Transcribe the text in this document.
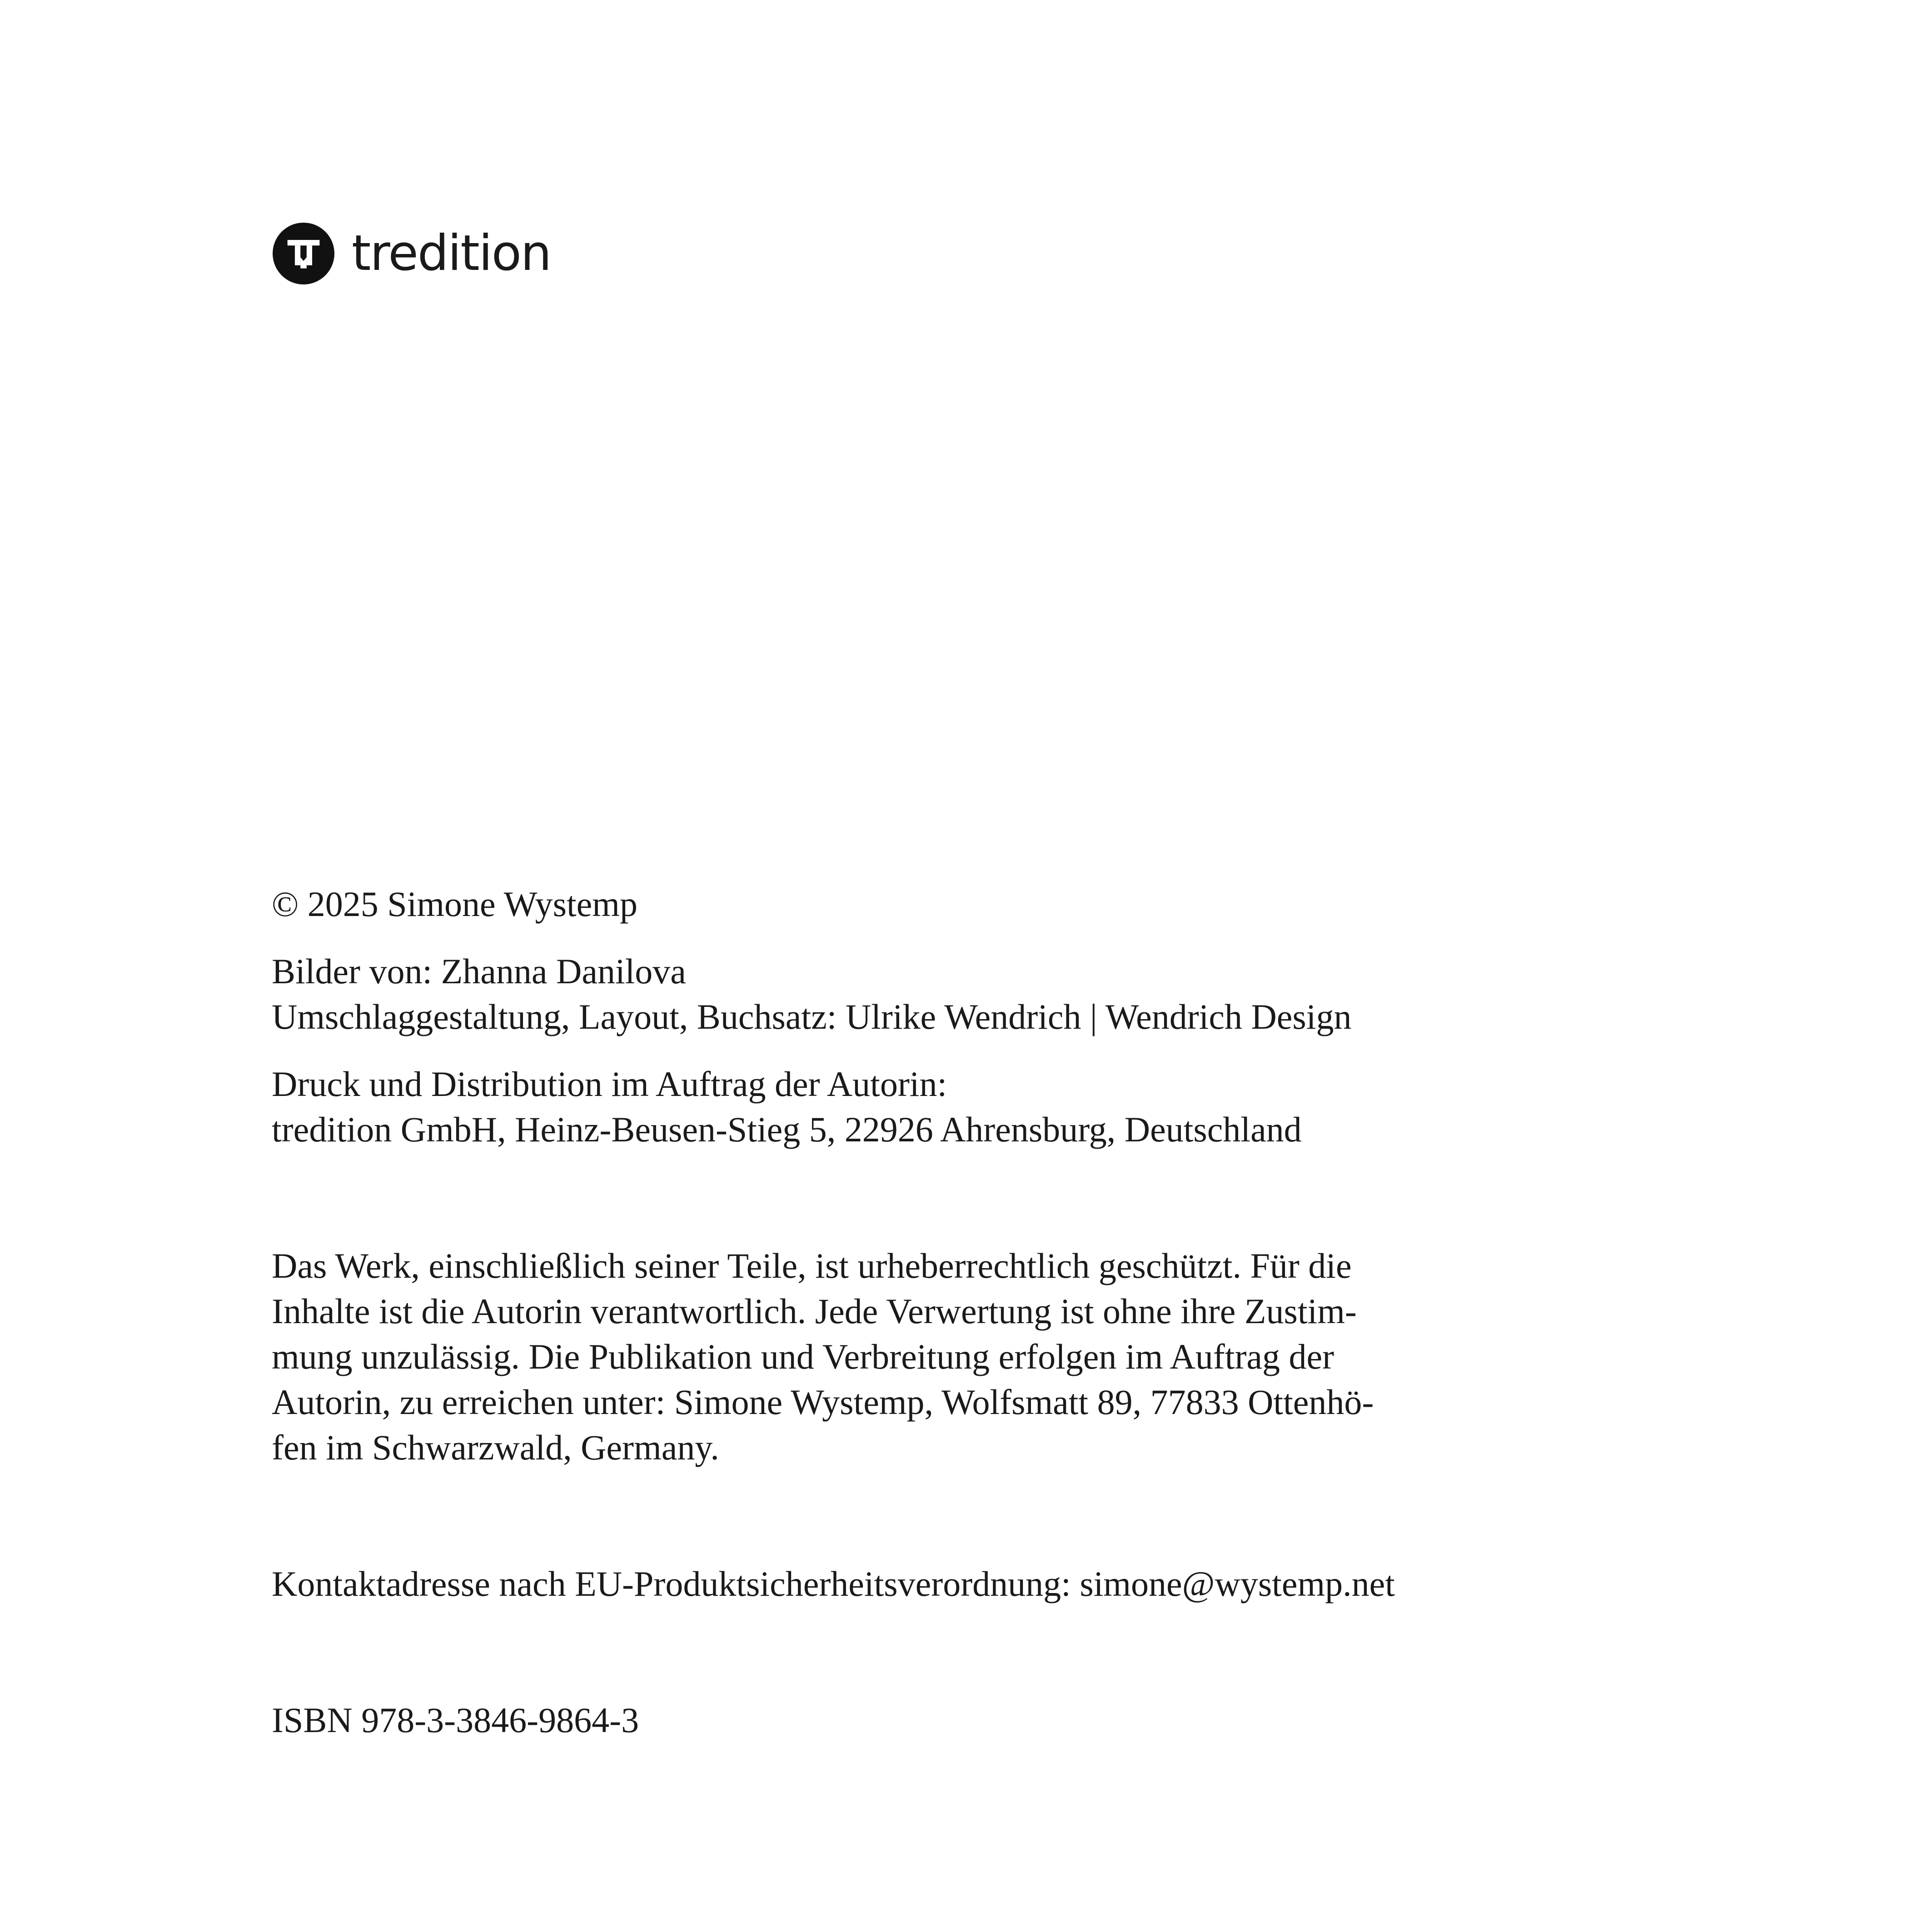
tredition
© 2025 Simone Wystemp
Bilder von: Zhanna Danilova
Umschlaggestaltung, Layout, Buchsatz: Ulrike Wendrich | Wendrich Design
Druck und Distribution im Auftrag der Autorin:
tredition GmbH, Heinz-Beusen-Stieg 5, 22926 Ahrensburg, Deutschland
Das Werk, einschließlich seiner Teile, ist urheberrechtlich geschützt. Für die
Inhalte ist die Autorin verantwortlich. Jede Verwertung ist ohne ihre Zustim-
mung unzulässig. Die Publikation und Verbreitung erfolgen im Auftrag der
Autorin, zu erreichen unter: Simone Wystemp, Wolfsmatt 89, 77833 Ottenhö-
fen im Schwarzwald, Germany.
Kontaktadresse nach EU-Produktsicherheitsverordnung: simone@wystemp.net
ISBN 978-3-3846-9864-3
